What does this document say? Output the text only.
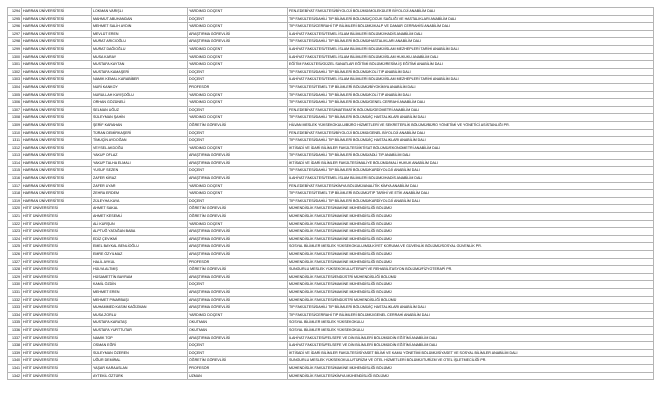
1294	HARRAN ÜNİVERSİTESİ	LOKMAN VARIŞLI	YARDIMCI DOÇENT	FEN-EDEBİYAT FAKÜLTESİ/BİYOLOJİ BÖLÜMÜ/MOLEKÜLER BİYOLOJİ ANABİLİM DALI
1295	HARRAN ÜNİVERSİTESİ	MAHMUT ABUHANDAN	DOÇENT	TIP FAKÜLTESİ/DAHİLİ TIP BİLİMLERİ BÖLÜMÜ/ÇOCUK SAĞLIĞI VE HASTALIKLARI ANABİLİM DALI
1296	HARRAN ÜNİVERSİTESİ	MEHMET SALİH AYDIN	YARDIMCI DOÇENT	TIP FAKÜLTESİ/CERRAHİ TIP BİLİMLERİ BÖLÜMÜ/KALP VE DAMAR CERRAHİSİ ANABİLİM DALI
1297	HARRAN ÜNİVERSİTESİ	MEVLÜT EREN	ARAŞTIRMA GÖREVLİSİ	İLAHİYAT FAKÜLTESİ/TEMEL İSLAM BİLİMLERİ BÖLÜMÜ/HADİS ANABİLİM DALI
1298	HARRAN ÜNİVERSİTESİ	MURAT ARICIOĞLU	ARAŞTIRMA GÖREVLİSİ	TIP FAKÜLTESİ/DAHİLİ TIP BİLİMLERİ BÖLÜMÜ/HASTALIKLARI ANABİLİM DALI
1299	HARRAN ÜNİVERSİTESİ	MURAT DAĞIOĞLU	YARDIMCI DOÇENT	İLAHİYAT FAKÜLTESİ/TEMEL İSLAM BİLİMLERİ BÖLÜMÜ/İSLAM MEZHEPLERİ TARİHİ ANABİLİM DALI
1300	HARRAN ÜNİVERSİTESİ	MUSA KARAY	YARDIMCI DOÇENT	İLAHİYAT FAKÜLTESİ/TEMEL İSLAM BİLİMLERİ BÖLÜMÜ/İSLAM HUKUKU ANABİLİM DALI
1301	HARRAN ÜNİVERSİTESİ	MUSTAFA KAYTAN	YARDIMCI DOÇENT	EĞİTİM FAKÜLTESİ/GÜZEL SANATLAR EĞİTİMİ BÖLÜMÜ/RESİM-İŞ EĞİTİMİ ANABİLİM DALI
1302	HARRAN ÜNİVERSİTESİ	MUSTAFA KAMAŞERİ	DOÇENT	TIP FAKÜLTESİ/DAHİLİ TIP BİLİMLERİ BÖLÜMÜ/KOLİ TIP ANABİLİM DALI
1303	HARRAN ÜNİVERSİTESİ	NAMIK KEMAL KARABİBER	DOÇENT	İLAHİYAT FAKÜLTESİ/TEMEL İSLAM BİLİMLERİ BÖLÜMÜ/İSLAM MEZHEPLERİ TARİHİ ANABİLİM DALI
1304	HARRAN ÜNİVERSİTESİ	NURİ KANKOY	PROFESÖR	TIP FAKÜLTESİ/TEMEL TIP BİLİMLERİ BÖLÜMÜ/BİYOKİMYA ANABİLİM DALI
1305	HARRAN ÜNİVERSİTESİ	NURULLAH KAYIŞOĞLU	YARDIMCI DOÇENT	TIP FAKÜLTESİ/DAHİLİ TIP BİLİMLERİ BÖLÜMÜ/KOLİ TIP ANABİLİM DALI
1306	HARRAN ÜNİVERSİTESİ	ORHAN GÖZÜNELİ	YARDIMCI DOÇENT	TIP FAKÜLTESİ/DAHİLİ TIP BİLİMLERİ BÖLÜMÜ/GENEL CERRAHİ ANABİLİM DALI
1307	HARRAN ÜNİVERSİTESİ	SELMAN UĞUZ	DOÇENT	FEN-EDEBİYAT FAKÜLTESİ/MATEMATİK BÖLÜMÜ/GEOMETRİ ANABİLİM DALI
1308	HARRAN ÜNİVERSİTESİ	SÜLEYMAN ŞAHİN	YARDIMCI DOÇENT	TIP FAKÜLTESİ/DAHİLİ TIP BİLİMLERİ BÖLÜMÜ/İÇ HASTALIKLARI ANABİLİM DALI
1309	HARRAN ÜNİVERSİTESİ	ŞERİF KARAHAN	ÖĞRETİM GÖREVLİSİ	HİLVAN MESLEK YÜKSEKOKULU/BÜRO HİZMETLERİ VE SEKRETERLİK BÖLÜMÜ/BÜRO YÖNETİMİ VE YÖNETİCİ ASİSTANLIĞI PR.
1310	HARRAN ÜNİVERSİTESİ	TÜRAN DEMİRKAŞERİ	DOÇENT	FEN-EDEBİYAT FAKÜLTESİ/BİYOLOJİ BÖLÜMÜ/GENEL BİYOLOJİ ANABİLİM DALI
1311	HARRAN ÜNİVERSİTESİ	TİMUÇİN AYDOĞAN	DOÇENT	TIP FAKÜLTESİ/DAHİLİ TIP BİLİMLERİ BÖLÜMÜ/İÇ HASTALIKLARI ANABİLİM DALI
1312	HARRAN ÜNİVERSİTESİ	VEYSEL AKDOĞU	YARDIMCI DOÇENT	İKTİSADİ VE İDARİ BİLİMLER FAKÜLTESİ/İKTİSAT BÖLÜMÜ/EKONOMETRİ ANABİLİM DALI
1313	HARRAN ÜNİVERSİTESİ	YAKUP OFLAZ	ARAŞTIRMA GÖREVLİSİ	TIP FAKÜLTESİ/DAHİLİ TIP BİLİMLERİ BÖLÜMÜ/ADLİ TIP ANABİLİM DALI
1314	HARRAN ÜNİVERSİTESİ	YAKUP TALHA ELMALI	ARAŞTIRMA GÖREVLİSİ	İKTİSADİ VE İDARİ BİLİMLER FAKÜLTESİ/MALİYE BÖLÜMÜ/MALİ HUKUK ANABİLİM DALI
1315	HARRAN ÜNİVERSİTESİ	YUSUF SEZEN	DOÇENT	TIP FAKÜLTESİ/DAHİLİ TIP BİLİMLERİ BÖLÜMÜ/KARDİYOLOJİ ANABİLİM DALI
1316	HARRAN ÜNİVERSİTESİ	ZAFER KİRAZ	ARAŞTIRMA GÖREVLİSİ	İLAHİYAT FAKÜLTESİ/TEMEL İSLAM BİLİMLERİ BÖLÜMÜ/HADİS ANABİLİM DALI
1317	HARRAN ÜNİVERSİTESİ	ZAFER UYAR	YARDIMCI DOÇENT	FEN-EDEBİYAT FAKÜLTESİ/KİMYA BÖLÜMÜ/ANALİTİK KİMYA ANABİLİM DALI
1318	HARRAN ÜNİVERSİTESİ	ZEHRA ERDEM	YARDIMCI DOÇENT	TIP FAKÜLTESİ/TEMEL TIP BİLİMLERİ BÖLÜMÜ/TIP TARİHİ VE ETİK ANABİLİM DALI
1319	HARRAN ÜNİVERSİTESİ	ZÜLEYHA KAYA	DOÇENT	TIP FAKÜLTESİ/DAHİLİ TIP BİLİMLERİ BÖLÜMÜ/KARDİYOLOJİ ANABİLİM DALI
1320	HİTİT ÜNİVERSİTESİ	AHMET SAKAL	ÖĞRETİM GÖREVLİSİ	MÜHENDİSLİK FAKÜLTESİ/MAKİNE MÜHENDİSLİĞİ BÖLÜMÜ
1321	HİTİT ÜNİVERSİTESİ	AHMET KESEMLİ	ÖĞRETİM GÖREVLİSİ	MÜHENDİSLİK FAKÜLTESİ/MAKİNE MÜHENDİSLİĞİ BÖLÜMÜ
1322	HİTİT ÜNİVERSİTESİ	ALİ KURŞUN	YARDIMCI DOÇENT	MÜHENDİSLİK FAKÜLTESİ/MAKİNE MÜHENDİSLİĞİ BÖLÜMÜ
1323	HİTİT ÜNİVERSİTESİ	ALPTUĞ YATAĞAN BABA	ARAŞTIRMA GÖREVLİSİ	MÜHENDİSLİK FAKÜLTESİ/MAKİNE MÜHENDİSLİĞİ BÖLÜMÜ
1324	HİTİT ÜNİVERSİTESİ	EDİZ ÇEVIKMİ	ARAŞTIRMA GÖREVLİSİ	MÜHENDİSLİK FAKÜLTESİ/MAKİNE MÜHENDİSLİĞİ BÖLÜMÜ
1325	HİTİT ÜNİVERSİTESİ	EMEL BAYKAL BENLİOĞLU	ARAŞTIRMA GÖREVLİSİ	SOSYAL BİLİMLER MESLEK YÜKSEKOKULU/MÜLKİYET KORUMA VE GÜVENLİK BÖLÜMÜ/SOSYAL GÜVENLİK PR.
1326	HİTİT ÜNİVERSİTESİ	EMRE ÖZYILMAZ	ARAŞTIRMA GÖREVLİSİ	MÜHENDİSLİK FAKÜLTESİ/MAKİNE MÜHENDİSLİĞİ BÖLÜMÜ
1327	HİTİT ÜNİVERSİTESİ	HALİL AYKUL	PROFESÖR	MÜHENDİSLİK FAKÜLTESİ/MAKİNE MÜHENDİSLİĞİ BÖLÜMÜ
1328	HİTİT ÜNİVERSİTESİ	HÜLYA ALTMIŞ	ÖĞRETİM GÖREVLİSİ	SUNGURLU MESLEK YÜKSEKOKULU/TERAPİ VE REHABİLİTASYON BÖLÜMÜ/FİZYOTERAPİ PR.
1329	HİTİT ÜNİVERSİTESİ	HÜSAMETTİN BAYRAM	ARAŞTIRMA GÖREVLİSİ	MÜHENDİSLİK FAKÜLTESİ/ENDÜSTRİ MÜHENDİSLİĞİ BÖLÜMÜ
1330	HİTİT ÜNİVERSİTESİ	KAMİL ÖZDİN	DOÇENT	MÜHENDİSLİK FAKÜLTESİ/MAKİNE MÜHENDİSLİĞİ BÖLÜMÜ
1331	HİTİT ÜNİVERSİTESİ	MEHMET EREN	ARAŞTIRMA GÖREVLİSİ	MÜHENDİSLİK FAKÜLTESİ/MAKİNE MÜHENDİSLİĞİ BÖLÜMÜ
1332	HİTİT ÜNİVERSİTESİ	MEHMET PINARBAŞI	ARAŞTIRMA GÖREVLİSİ	MÜHENDİSLİK FAKÜLTESİ/ENDÜSTRİ MÜHENDİSLİĞİ BÖLÜMÜ
1333	HİTİT ÜNİVERSİTESİ	MUHAMMED KASIM KAĞIZMAN	ARAŞTIRMA GÖREVLİSİ	TIP FAKÜLTESİ/DAHİLİ TIP BİLİMLERİ BÖLÜMÜ/İÇ HASTALIKLARI ANABİLİM DALI
1334	HİTİT ÜNİVERSİTESİ	MUSA ZORLU	YARDIMCI DOÇENT	TIP FAKÜLTESİ/CERRAHİ TIP BİLİMLERİ BÖLÜMÜ/GENEL CERRAHİ ANABİLİM DALI
1335	HİTİT ÜNİVERSİTESİ	MUSTAFA KARATAŞ	OKUTMAN	SOSYAL BİLİMLER MESLEK YÜKSEKOKULU
1336	HİTİT ÜNİVERSİTESİ	MUSTAFA YURTTUTAR	OKUTMAN	SOSYAL BİLİMLER MESLEK YÜKSEKOKULU
1337	HİTİT ÜNİVERSİTESİ	NAMIK TOP	ARAŞTIRMA GÖREVLİSİ	İLAHİYAT FAKÜLTESİ/FELSEFE VE DİN BİLİMLERİ BÖLÜMÜ/DİN EĞİTİMİ ANABİLİM DALI
1338	HİTİT ÜNİVERSİTESİ	OSMAN EĞRİ	DOÇENT	İLAHİYAT FAKÜLTESİ/FELSEFE VE DİN BİLİMLERİ BÖLÜMÜ/DİN EĞİTİMİ ANABİLİM DALI
1339	HİTİT ÜNİVERSİTESİ	SÜLEYMAN ÖZEREN	DOÇENT	İKTİSADİ VE İDARİ BİLİMLER FAKÜLTESİ/SİYASET BİLİMİ VE KAMU YÖNETİMİ BÖLÜMÜ/SİYASET VE SOSYAL BİLİMLER ANABİLİM DALI
1340	HİTİT ÜNİVERSİTESİ	UĞUR DEMİRAL	ÖĞRETİM GÖREVLİSİ	SUNGURLU MESLEK YÜKSEKOKULU/TÜRİZM VE OTEL HİZMETLERİ BÖLÜMÜ/TURİZM VE OTEL İŞLETMECİLİĞİ PR.
1341	HİTİT ÜNİVERSİTESİ	YAŞAR KARAASLAN	PROFESÖR	MÜHENDİSLİK FAKÜLTESİ/MAKİNE MÜHENDİSLİĞİ BÖLÜMÜ
1342	HİTİT ÜNİVERSİTESİ	AYTEKİL ÖZTÜRK	UZMAN	MÜHENDİSLİK FAKÜLTESİ/KİMYA MÜHENDİSLİĞİ BÖLÜMÜ
